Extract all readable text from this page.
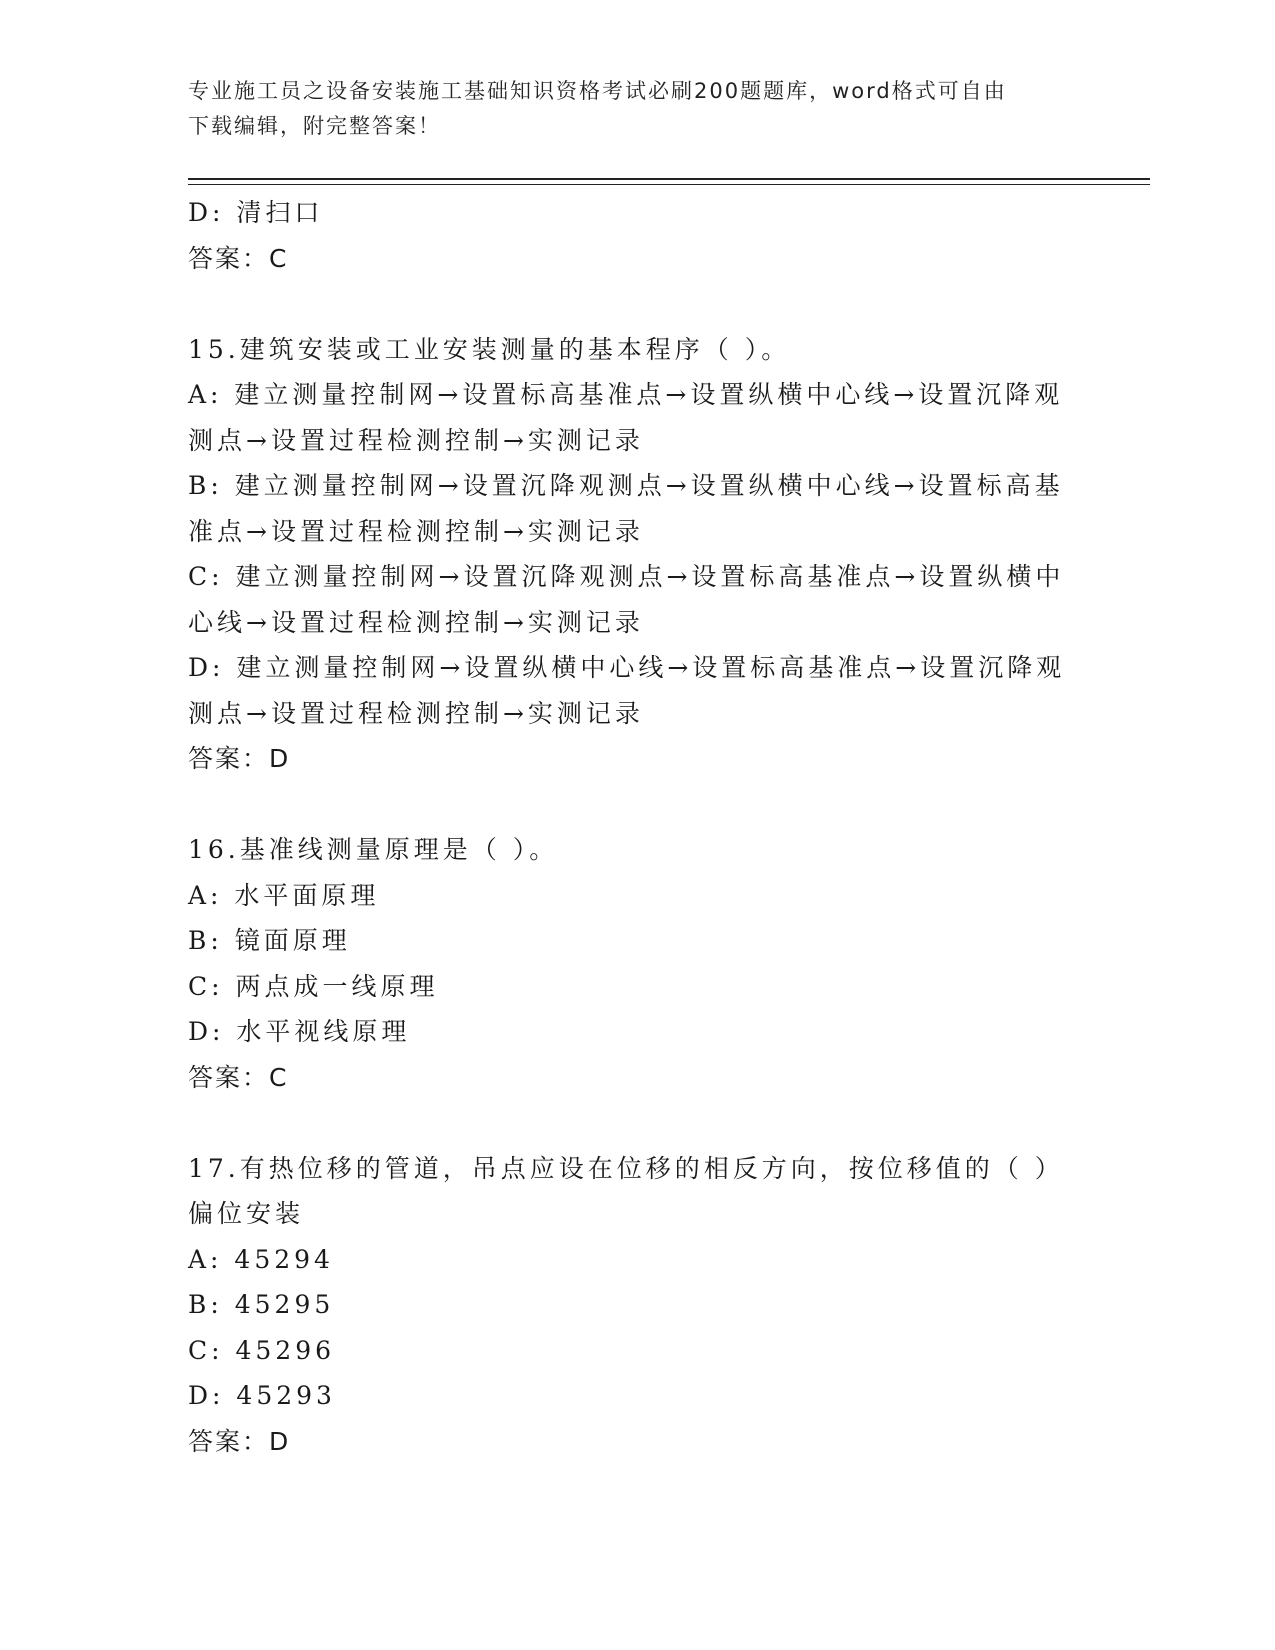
专业施工员之设备安装施工基础知识资格考试必刷200题题库，word格式可自由
下载编辑，附完整答案！
D: 清扫口
答案：C
15.建筑安装或工业安装测量的基本程序（ ）。
A: 建立测量控制网→设置标高基准点→设置纵横中心线→设置沉降观
测点→设置过程检测控制→实测记录
B: 建立测量控制网→设置沉降观测点→设置纵横中心线→设置标高基
准点→设置过程检测控制→实测记录
C: 建立测量控制网→设置沉降观测点→设置标高基准点→设置纵横中
心线→设置过程检测控制→实测记录
D: 建立测量控制网→设置纵横中心线→设置标高基准点→设置沉降观
测点→设置过程检测控制→实测记录
答案：D
16.基准线测量原理是（ ）。
A: 水平面原理
B: 镜面原理
C: 两点成一线原理
D: 水平视线原理
答案：C
17.有热位移的管道，吊点应设在位移的相反方向，按位移值的（ ）
偏位安装
A: 45294
B: 45295
C: 45296
D: 45293
答案：D
